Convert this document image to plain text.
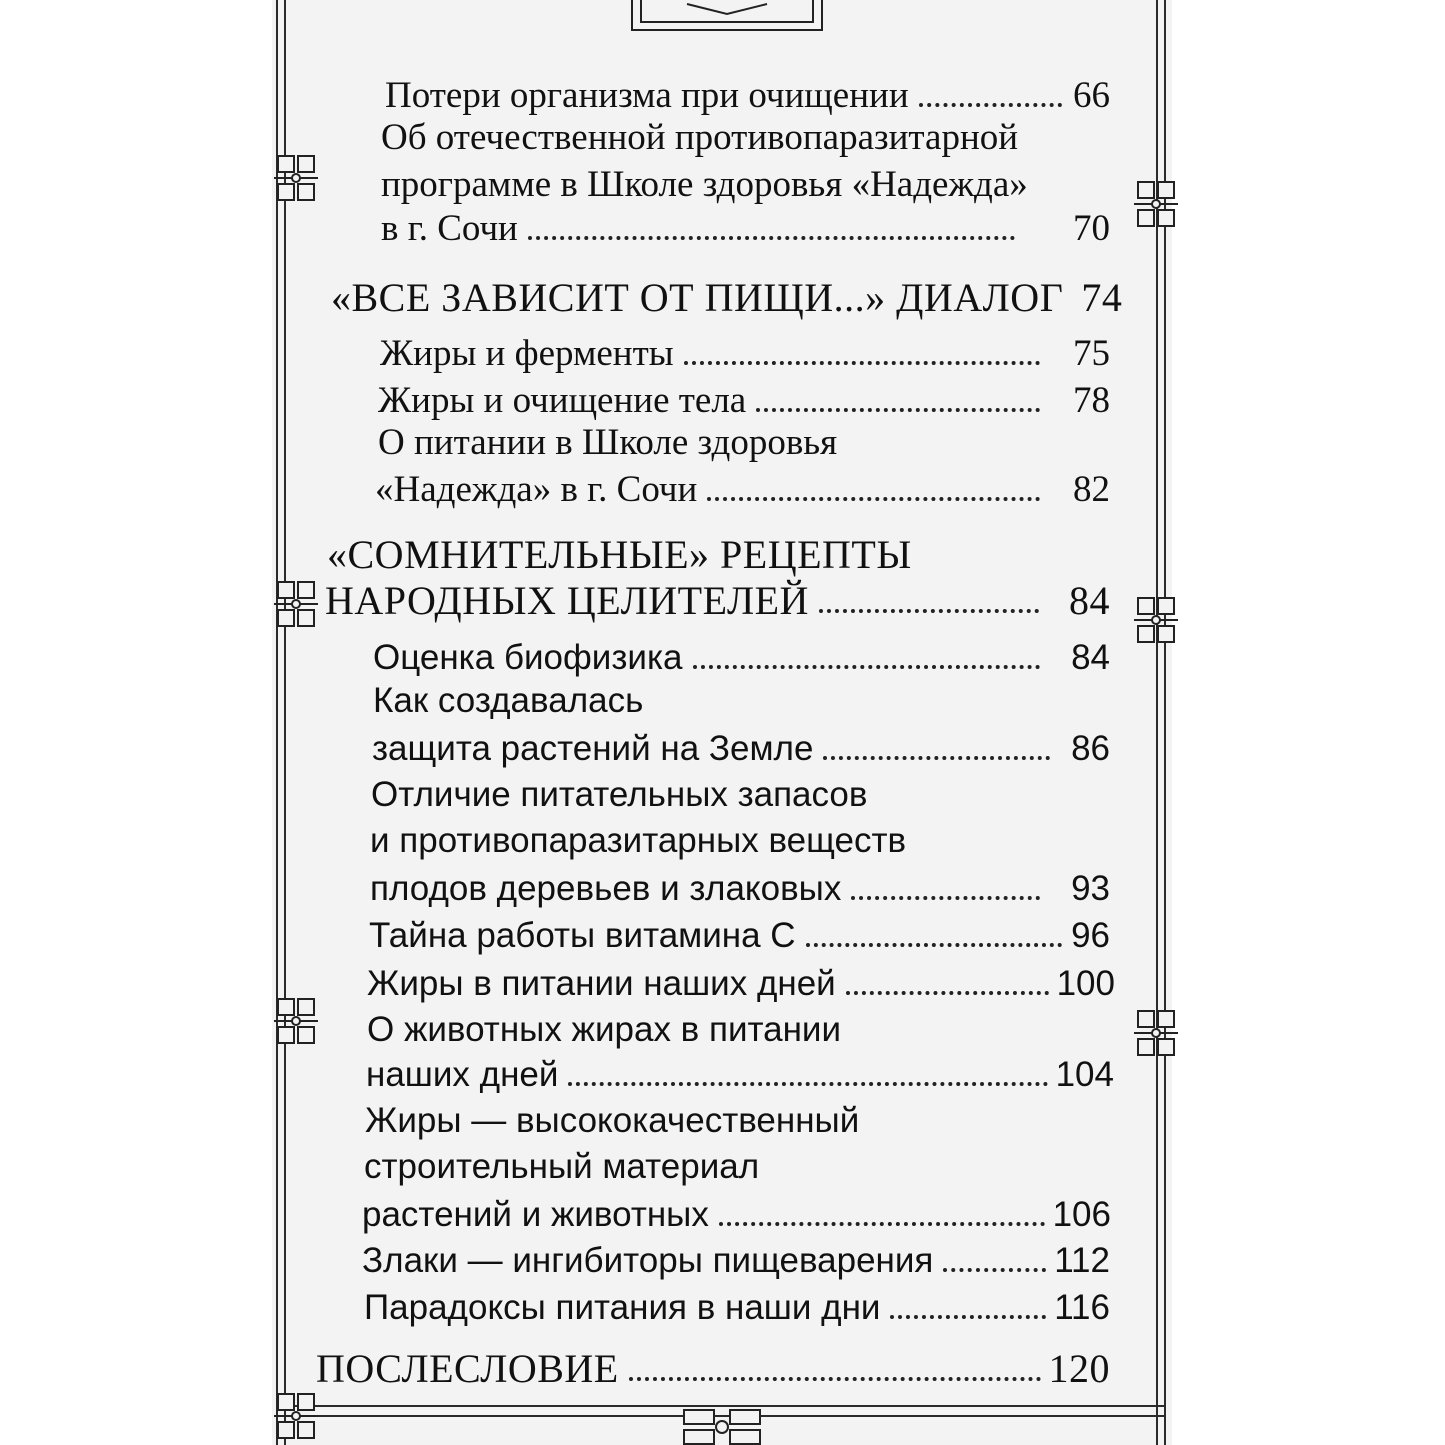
Потери организма при очищении	66
Об отечественной противопаразитарной
программе в Школе здоровья «Надежда»
в г. Сочи	70
«ВСЕ ЗАВИСИТ ОТ ПИЩИ...» ДИАЛОГ 74
Жиры и ферменты	75
Жиры и очищение тела	78
О питании в Школе здоровья
«Надежда» в г. Сочи	82
«СОМНИТЕЛЬНЫЕ» РЕЦЕПТЫ
НАРОДНЫХ ЦЕЛИТЕЛЕЙ	84
Оценка биофизика	84
Как создавалась
защита растений на Земле	86
Отличие питательных запасов
и противопаразитарных веществ
плодов деревьев и злаковых	93
Тайна работы витамина С	96
Жиры в питании наших дней	100
О животных жирах в питании
наших дней	104
Жиры — высококачественный
строительный материал
растений и животных	106
Злаки — ингибиторы пищеварения	112
Парадоксы питания в наши дни	116
ПОСЛЕСЛОВИЕ	120
